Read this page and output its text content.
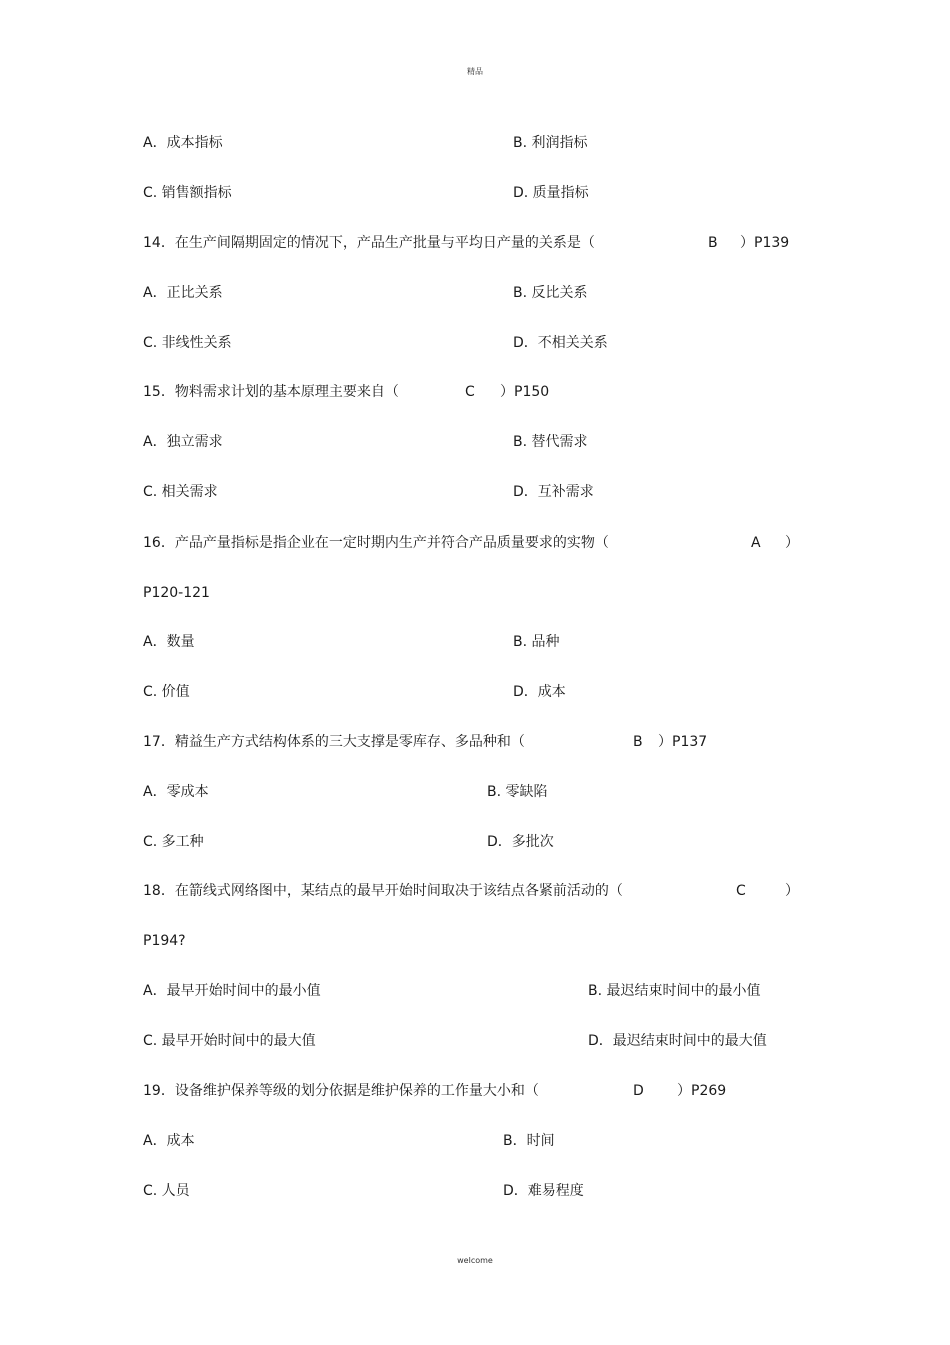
精品
A．成本指标	B. 利润指标
C. 销售额指标	D. 质量指标
14．在生产间隔期固定的情况下，产品生产批量与平均日产量的关系是（	B ）P139
A．正比关系	B. 反比关系
C. 非线性关系	D．不相关关系
15．物料需求计划的基本原理主要来自（	C ）P150
A．独立需求	B. 替代需求
C. 相关需求	D．互补需求
16．产品产量指标是指企业在一定时期内生产并符合产品质量要求的实物（	A ）
P120-121
A．数量	B. 品种
C. 价值	D．成本
17．精益生产方式结构体系的三大支撑是零库存、多品种和（	B ）P137
A．零成本	B. 零缺陷
C. 多工种	D．多批次
18．在箭线式网络图中，某结点的最早开始时间取决于该结点各紧前活动的（	C	）
P194?
A．最早开始时间中的最小值	B. 最迟结束时间中的最小值
C. 最早开始时间中的最大值	D．最迟结束时间中的最大值
19．设备维护保养等级的划分依据是维护保养的工作量大小和（	D ）P269
A．成本	B．时间
C. 人员	D．难易程度
welcome
